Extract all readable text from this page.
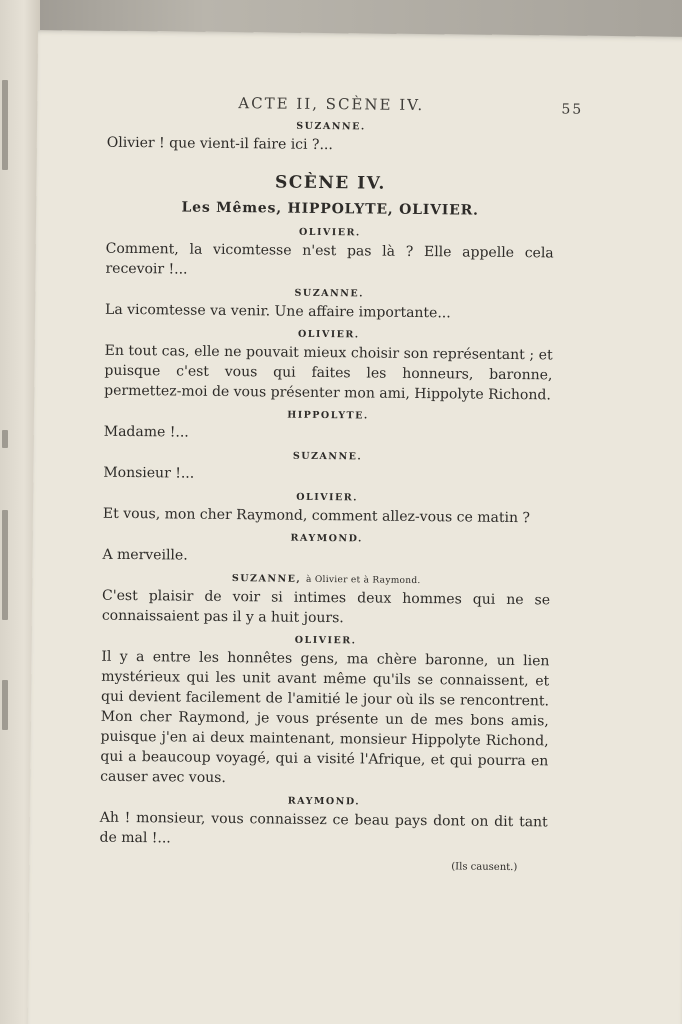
ACTE II, SCÈNE IV.	55
SUZANNE.

Olivier ! que vient-il faire ici ?...

SCÈNE IV.
Les Mêmes, HIPPOLYTE, OLIVIER.
OLIVIER.

Comment, la vicomtesse n'est pas là ? Elle appelle cela recevoir !...

SUZANNE.

La vicomtesse va venir. Une affaire importante...

OLIVIER.

En tout cas, elle ne pouvait mieux choisir son représentant ; et puisque c'est vous qui faites les honneurs, baronne, permettez-moi de vous présenter mon ami, Hippolyte Richond.

HIPPOLYTE.

Madame !...

SUZANNE.

Monsieur !...

OLIVIER.

Et vous, mon cher Raymond, comment allez-vous ce matin ?

RAYMOND.

A merveille.

SUZANNE, à Olivier et à Raymond.

C'est plaisir de voir si intimes deux hommes qui ne se connaissaient pas il y a huit jours.

OLIVIER.

Il y a entre les honnêtes gens, ma chère baronne, un lien mystérieux qui les unit avant même qu'ils se connaissent, et qui devient facilement de l'amitié le jour où ils se rencontrent. Mon cher Raymond, je vous présente un de mes bons amis, puisque j'en ai deux maintenant, monsieur Hippolyte Richond, qui a beaucoup voyagé, qui a visité l'Afrique, et qui pourra en causer avec vous.

RAYMOND.

Ah ! monsieur, vous connaissez ce beau pays dont on dit tant de mal !...

(Ils causent.)
